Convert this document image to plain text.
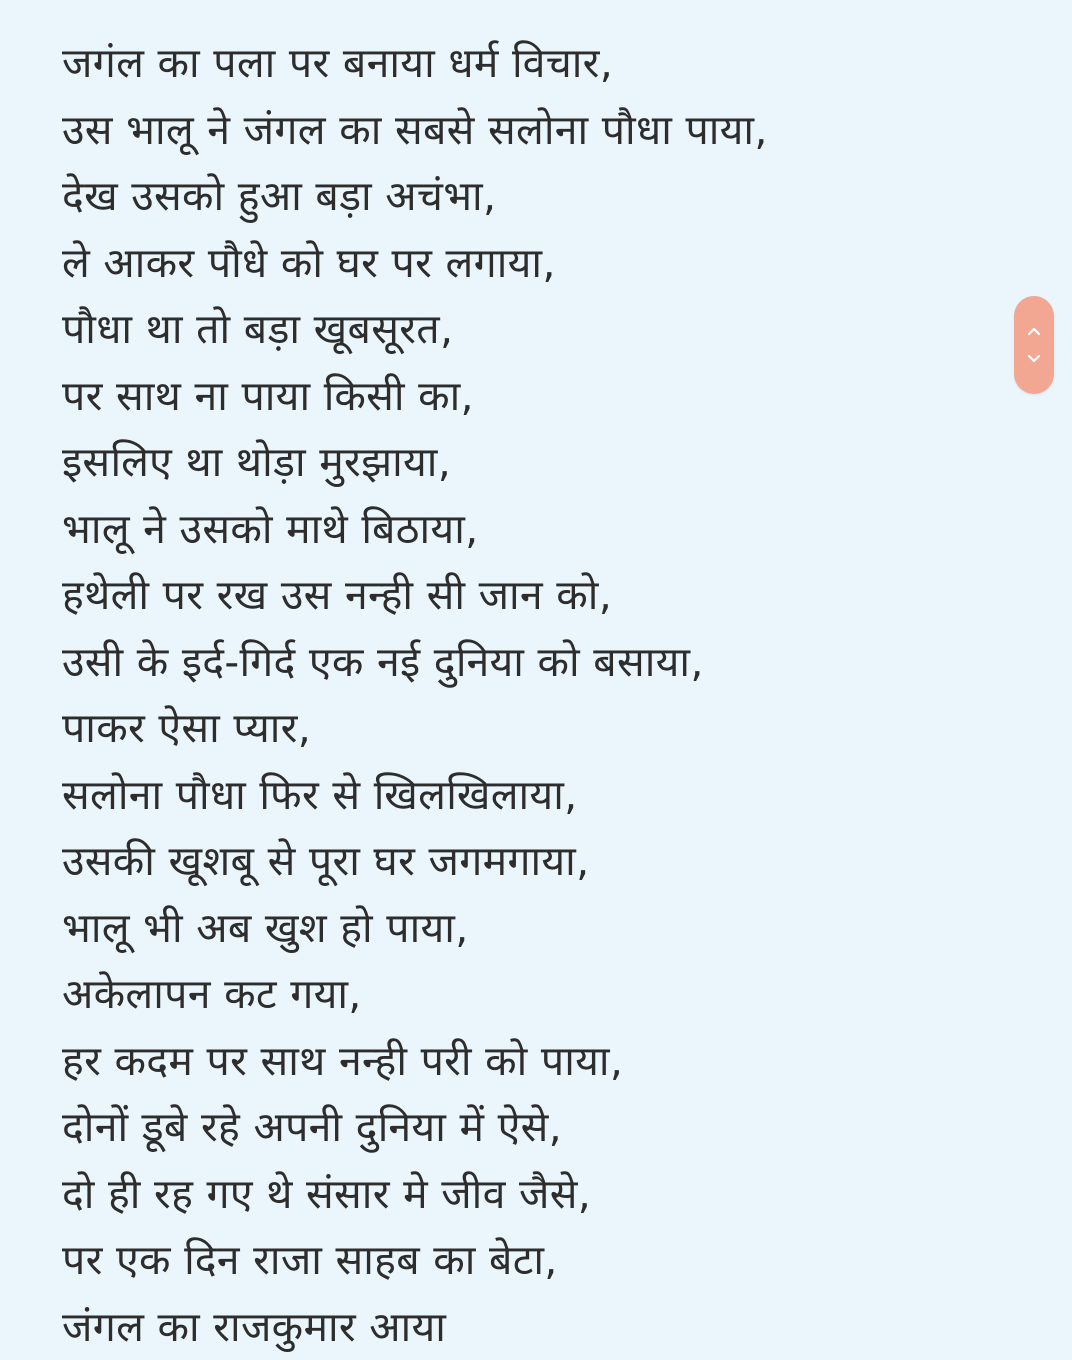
जगंल का पला पर बनाया धर्म विचार,
उस भालू ने जंगल का सबसे सलोना पौधा पाया,
देख उसको हुआ बड़ा अचंभा,
ले आकर पौधे को घर पर लगाया,
पौधा था तो बड़ा खूबसूरत,
पर साथ ना पाया किसी का,
इसलिए था थोड़ा मुरझाया,
भालू ने उसको माथे बिठाया,
हथेली पर रख उस नन्ही सी जान को,
उसी के इर्द-गिर्द एक नई दुनिया को बसाया,
पाकर ऐसा प्यार,
सलोना पौधा फिर से खिलखिलाया,
उसकी खूशबू से पूरा घर जगमगाया,
भालू भी अब खुश हो पाया,
अकेलापन कट गया,
हर कदम पर साथ नन्ही परी को पाया,
दोनों डूबे रहे अपनी दुनिया में ऐसे,
दो ही रह गए थे संसार मे जीव जैसे,
पर एक दिन राजा साहब का बेटा,
जंगल का राजकुमार आया
